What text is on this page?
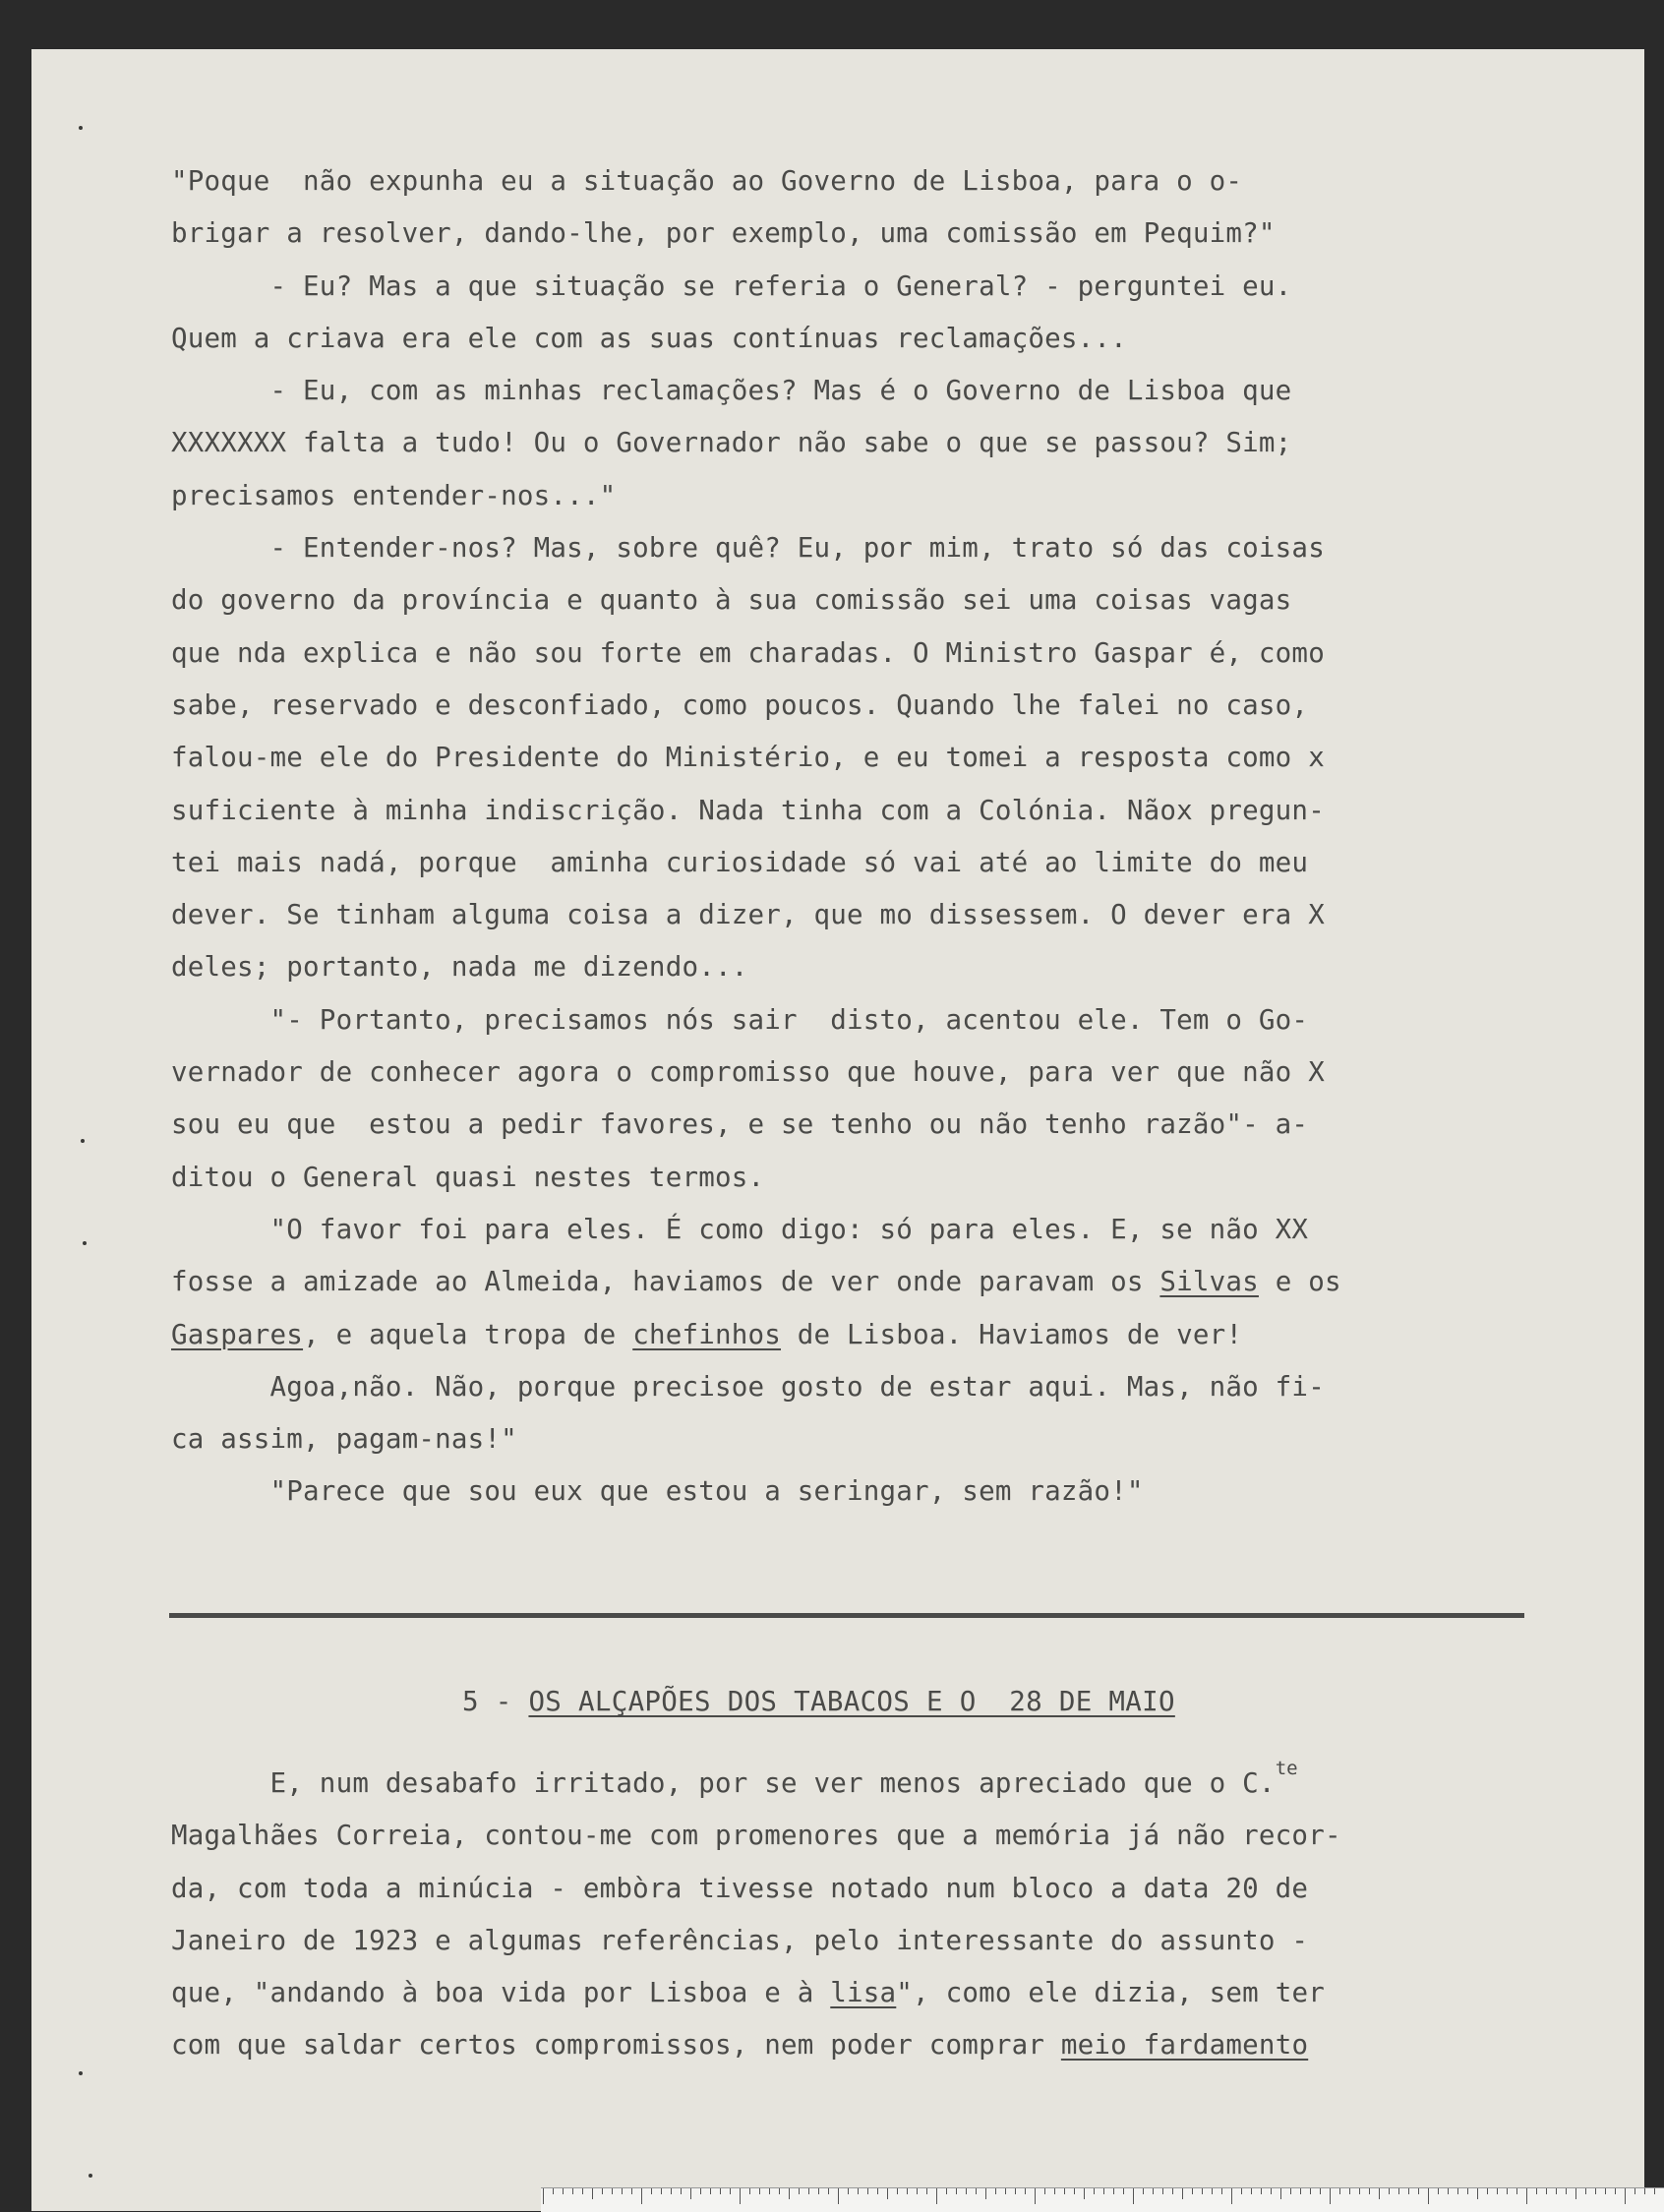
"Poque  não expunha eu a situação ao Governo de Lisboa, para o o-
brigar a resolver, dando-lhe, por exemplo, uma comissão em Pequim?"
- Eu? Mas a que situação se referia o General? - perguntei eu.
Quem a criava era ele com as suas contínuas reclamações...
- Eu, com as minhas reclamações? Mas é o Governo de Lisboa que
XXXXXXX falta a tudo! Ou o Governador não sabe o que se passou? Sim;
precisamos entender-nos..."
- Entender-nos? Mas, sobre quê? Eu, por mim, trato só das coisas
do governo da província e quanto à sua comissão sei uma coisas vagas
que nda explica e não sou forte em charadas. O Ministro Gaspar é, como
sabe, reservado e desconfiado, como poucos. Quando lhe falei no caso,
falou-me ele do Presidente do Ministério, e eu tomei a resposta como x
suficiente à minha indiscrição. Nada tinha com a Colónia. Nãox pregun-
tei mais nadá, porque  aminha curiosidade só vai até ao limite do meu
dever. Se tinham alguma coisa a dizer, que mo dissessem. O dever era X
deles; portanto, nada me dizendo...
"- Portanto, precisamos nós sair  disto, acentou ele. Tem o Go-
vernador de conhecer agora o compromisso que houve, para ver que não X
sou eu que  estou a pedir favores, e se tenho ou não tenho razão"- a-
ditou o General quasi nestes termos.
"O favor foi para eles. É como digo: só para eles. E, se não XX
fosse a amizade ao Almeida, haviamos de ver onde paravam os Silvas e os
Gaspares, e aquela tropa de chefinhos de Lisboa. Haviamos de ver!
Agoa,não. Não, porque precisoe gosto de estar aqui. Mas, não fi-
ca assim, pagam-nas!"
"Parece que sou eux que estou a seringar, sem razão!"
5 - OS ALÇAPÕES DOS TABACOS E O  28 DE MAIO
E, num desabafo irritado, por se ver menos apreciado que o C.$^{te}$
Magalhães Correia, contou-me com promenores que a memória já não recor-
da, com toda a minúcia - embòra tivesse notado num bloco a data 20 de
Janeiro de 1923 e algumas referências, pelo interessante do assunto -
que, "andando à boa vida por Lisboa e à lisa", como ele dizia, sem ter
com que saldar certos compromissos, nem poder comprar meio fardamento
